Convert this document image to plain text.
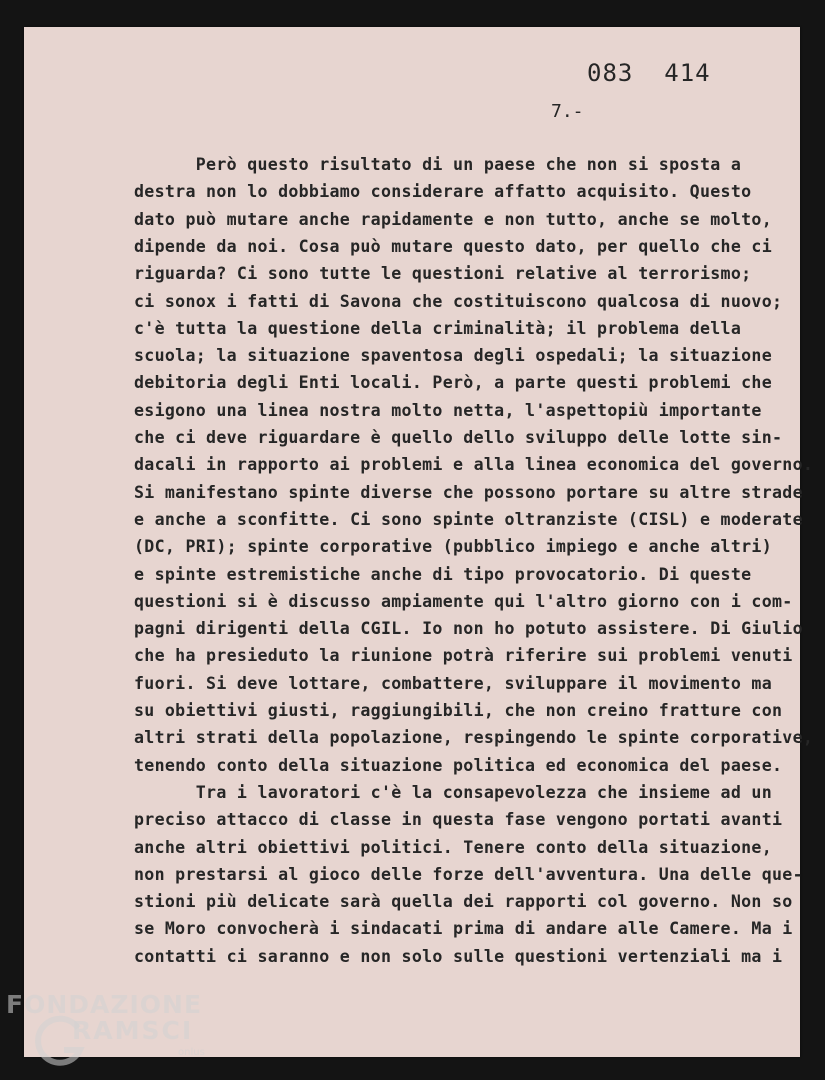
083  414
7.-
Però questo risultato di un paese che non si sposta a
destra non lo dobbiamo considerare affatto acquisito. Questo
dato può mutare anche rapidamente e non tutto, anche se molto,
dipende da noi. Cosa può mutare questo dato, per quello che ci
riguarda? Ci sono tutte le questioni relative al terrorismo;
ci sonox i fatti di Savona che costituiscono qualcosa di nuovo;
c'è tutta la questione della criminalità; il problema della
scuola; la situazione spaventosa degli ospedali; la situazione
debitoria degli Enti locali. Però, a parte questi problemi che
esigono una linea nostra molto netta, l'aspettopiù importante
che ci deve riguardare è quello dello sviluppo delle lotte sin-
dacali in rapporto ai problemi e alla linea economica del governo.
Si manifestano spinte diverse che possono portare su altre strade
e anche a sconfitte. Ci sono spinte oltranziste (CISL) e moderate
(DC, PRI); spinte corporative (pubblico impiego e anche altri)
e spinte estremistiche anche di tipo provocatorio. Di queste
questioni si è discusso ampiamente qui l'altro giorno con i com-
pagni dirigenti della CGIL. Io non ho potuto assistere. Di Giulio
che ha presieduto la riunione potrà riferire sui problemi venuti
fuori. Si deve lottare, combattere, sviluppare il movimento ma
su obiettivi giusti, raggiungibili, che non creino fratture con
altri strati della popolazione, respingendo le spinte corporative,
tenendo conto della situazione politica ed economica del paese.
Tra i lavoratori c'è la consapevolezza che insieme ad un
preciso attacco di classe in questa fase vengono portati avanti
anche altri obiettivi politici. Tenere conto della situazione,
non prestarsi al gioco delle forze dell'avventura. Una delle que-
stioni più delicate sarà quella dei rapporti col governo. Non so
se Moro convocherà i sindacati prima di andare alle Camere. Ma i
contatti ci saranno e non solo sulle questioni vertenziali ma i
FONDAZIONE
RAMSCI
onlus
